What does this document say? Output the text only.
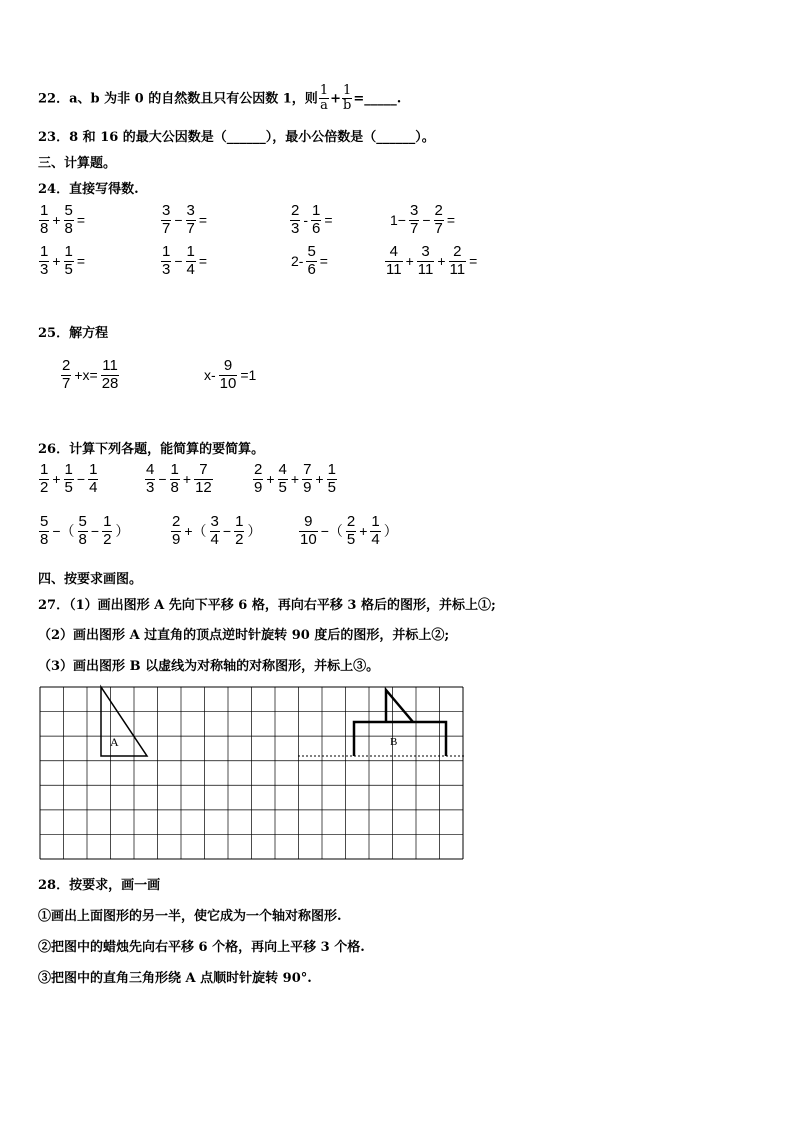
22．a、b 为非 0 的自然数且只有公因数 1，则 $\frac{1}{a} + \frac{1}{b}$ =_____.
23．8 和 16 的最大公因数是（______），最小公倍数是（______）。
三、计算题。
24．直接写得数.
$\frac{1}{8} + \frac{5}{8}$ =	$\frac{3}{7} - \frac{3}{7}$ =	$\frac{2}{3} - \frac{1}{6}$ =	$1- \frac{3}{7} - \frac{2}{7}$ =
$\frac{1}{3} + \frac{1}{5}$ =	$\frac{1}{3} - \frac{1}{4}$ =	$2- \frac{5}{6}$ =	$\frac{4}{11} + \frac{3}{11} + \frac{2}{11}$ =
25．解方程
$\frac{2}{7} +x= \frac{11}{28}$	$x- \frac{9}{10} =1$
26．计算下列各题，能简算的要简算。
$\frac{1}{2} + \frac{1}{5} - \frac{1}{4}$	$\frac{4}{3} - \frac{1}{8} + \frac{7}{12}$	$\frac{2}{9} + \frac{4}{5} + \frac{7}{9} + \frac{1}{5}$
$\frac{5}{8}$ −（ $\frac{5}{8} - \frac{1}{2}$ ）	$\frac{2}{9}$ +（ $\frac{3}{4} - \frac{1}{2}$ ）	$\frac{9}{10}$ −（ $\frac{2}{5} + \frac{1}{4}$ ）
四、按要求画图。
27．（1）画出图形 A 先向下平移 6 格，再向右平移 3 格后的图形，并标上①;
（2）画出图形 A 过直角的顶点逆时针旋转 90 度后的图形，并标上②;
（3）画出图形 B 以虚线为对称轴的对称图形，并标上③。
A	B
28．按要求，画一画
①画出上面图形的另一半，使它成为一个轴对称图形.
②把图中的蜡烛先向右平移 6 个格，再向上平移 3 个格.
③把图中的直角三角形绕 A 点顺时针旋转 90°.
